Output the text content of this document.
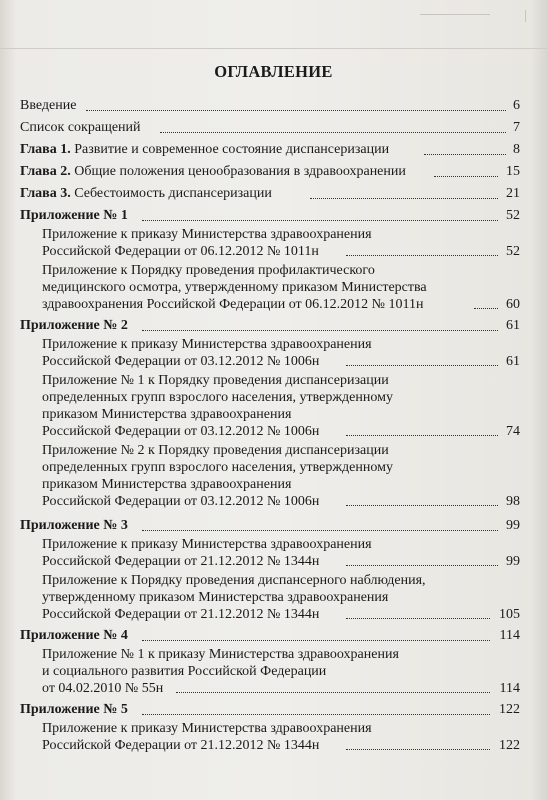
ОГЛАВЛЕНИЕ
Введение	6
Список сокращений	7
Глава 1. Развитие и современное состояние диспансеризации	8
Глава 2. Общие положения ценообразования в здравоохранении	15
Глава 3. Себестоимость диспансеризации	21
Приложение № 1	52
Приложение к приказу Министерства здравоохранения
Российской Федерации от 06.12.2012 № 1011н	52
Приложение к Порядку проведения профилактического
медицинского осмотра, утвержденному приказом Министерства
здравоохранения Российской Федерации от 06.12.2012 № 1011н	60
Приложение № 2	61
Приложение к приказу Министерства здравоохранения
Российской Федерации от 03.12.2012 № 1006н	61
Приложение № 1 к Порядку проведения диспансеризации
определенных групп взрослого населения, утвержденному
приказом Министерства здравоохранения
Российской Федерации от 03.12.2012 № 1006н	74
Приложение № 2 к Порядку проведения диспансеризации
определенных групп взрослого населения, утвержденному
приказом Министерства здравоохранения
Российской Федерации от 03.12.2012 № 1006н	98
Приложение № 3	99
Приложение к приказу Министерства здравоохранения
Российской Федерации от 21.12.2012 № 1344н	99
Приложение к Порядку проведения диспансерного наблюдения,
утвержденному приказом Министерства здравоохранения
Российской Федерации от 21.12.2012 № 1344н	105
Приложение № 4	114
Приложение № 1 к приказу Министерства здравоохранения
и социального развития Российской Федерации
от 04.02.2010 № 55н	114
Приложение № 5	122
Приложение к приказу Министерства здравоохранения
Российской Федерации от 21.12.2012 № 1344н	122
